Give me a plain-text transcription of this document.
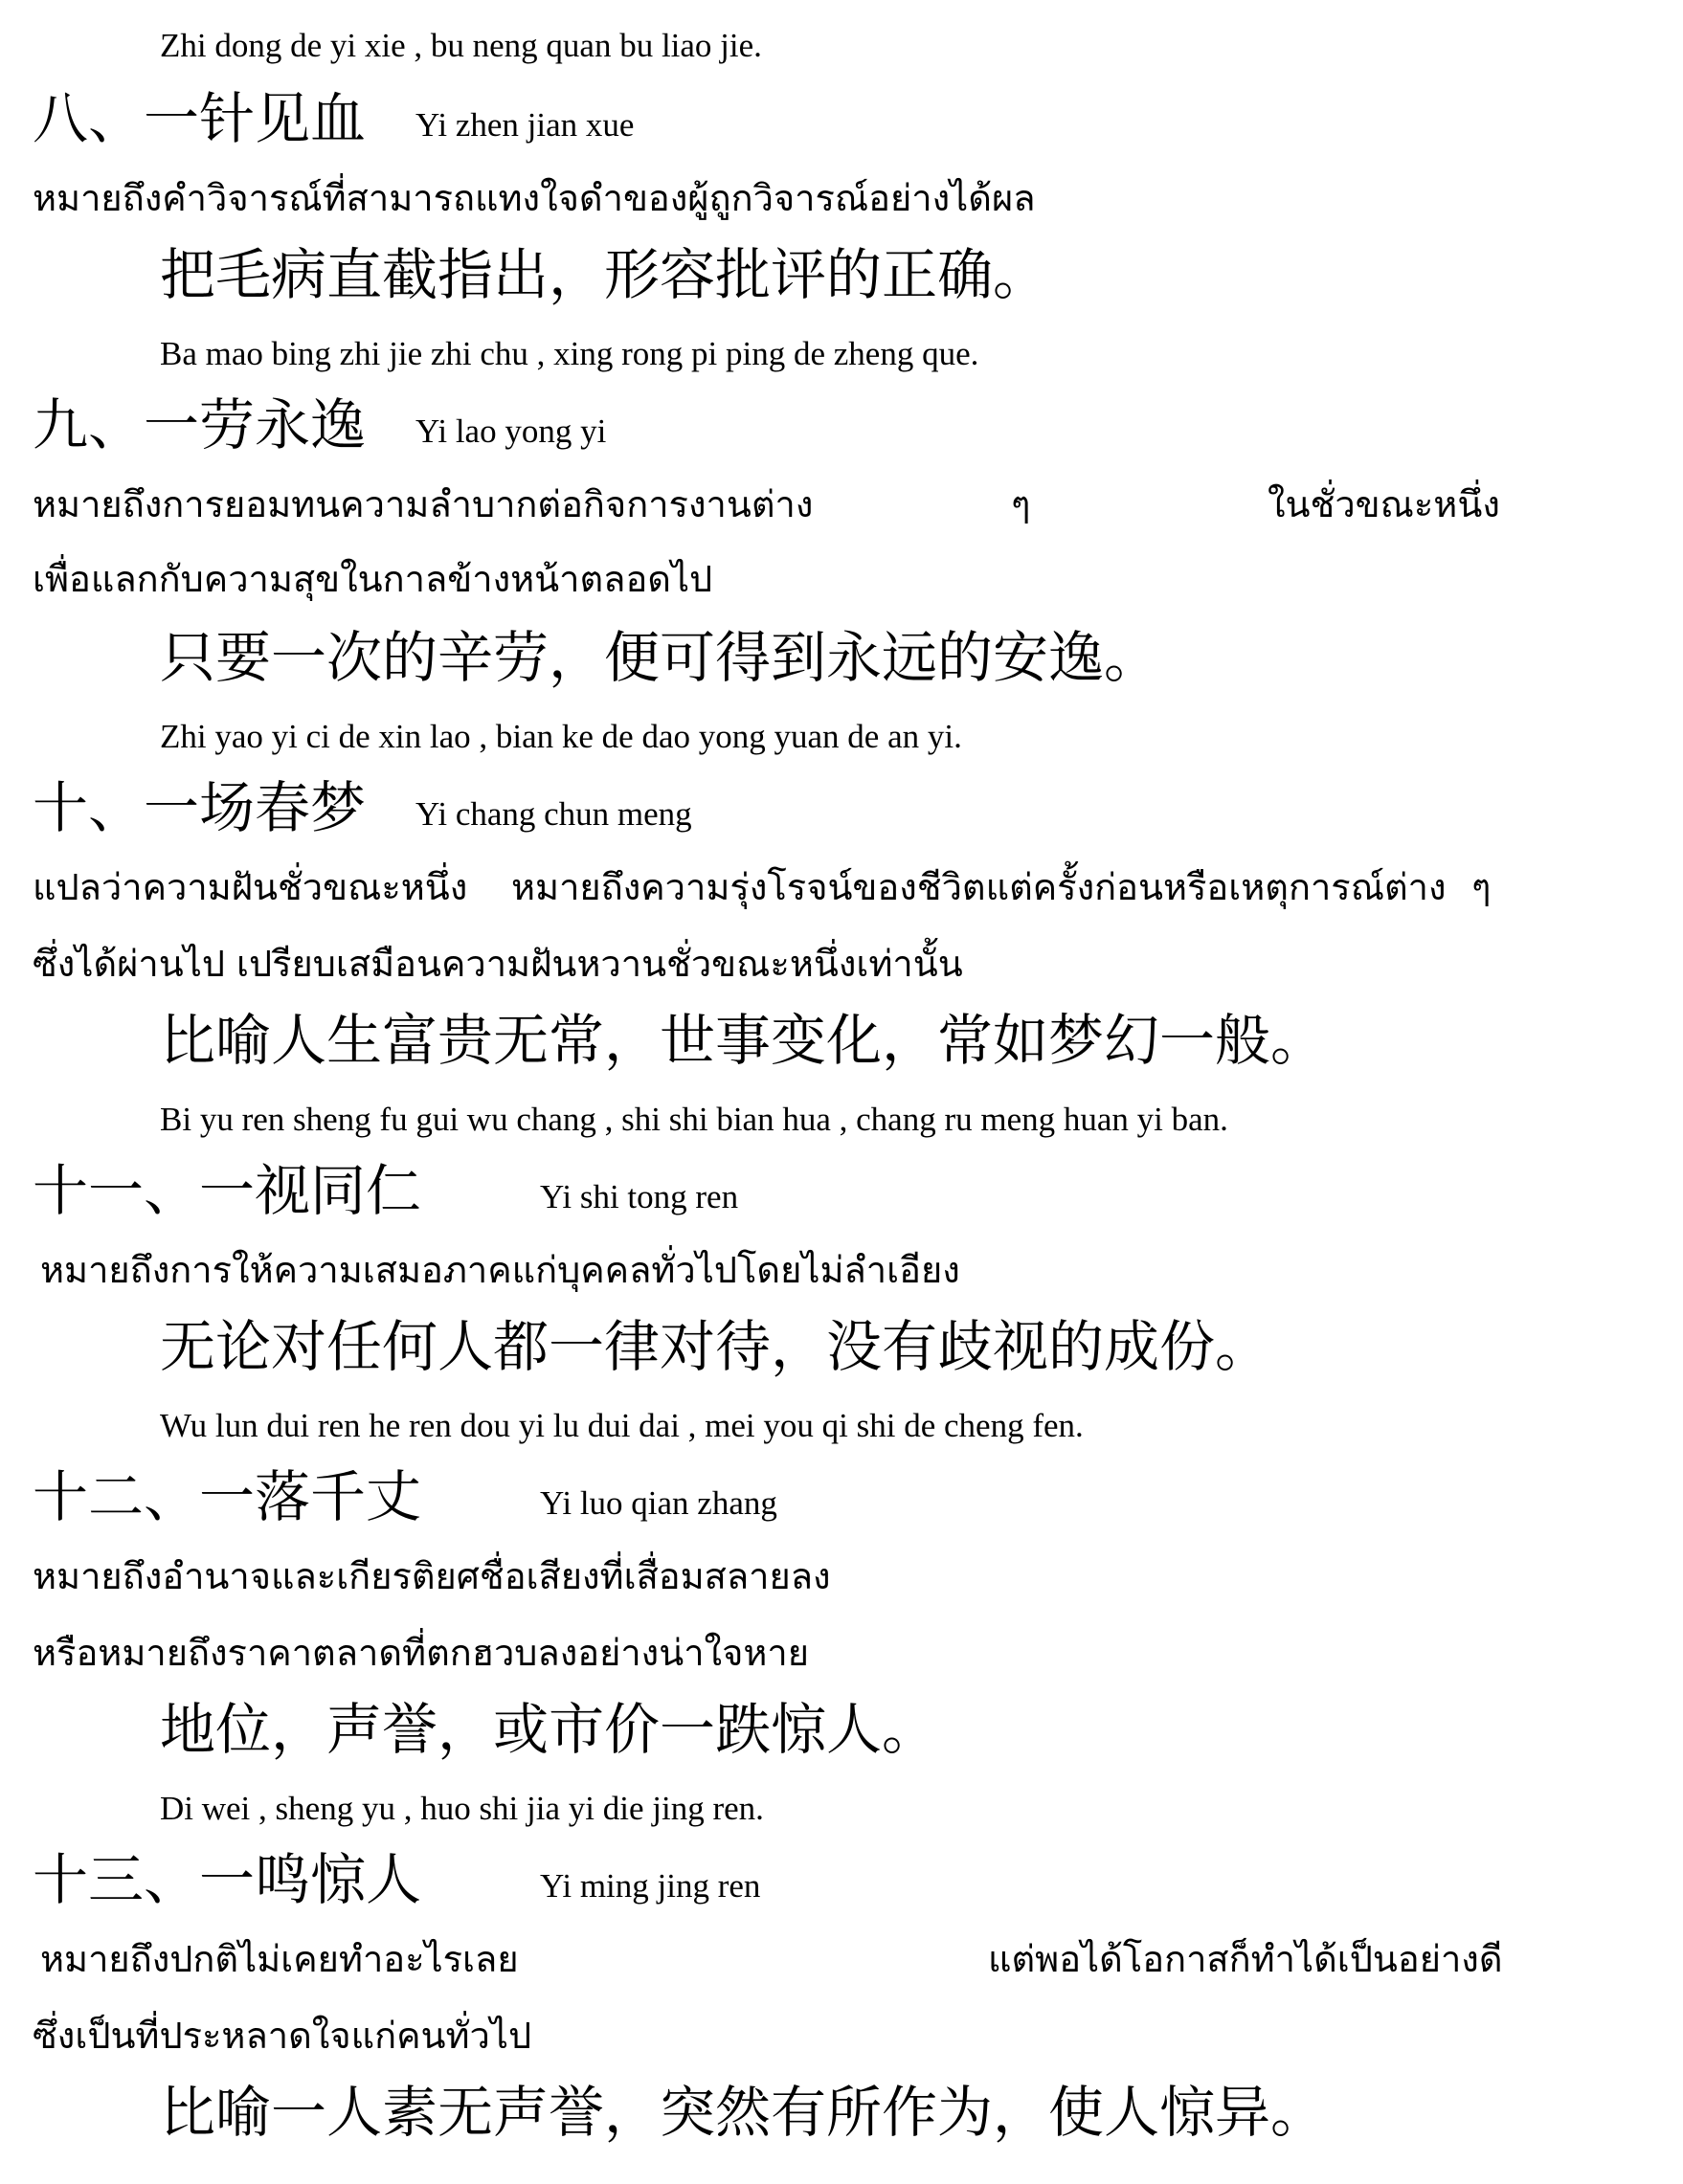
Zhi dong de yi xie , bu neng quan bu liao jie.
八、一针见血 Yi zhen jian xue
หมายถึงคำวิจารณ์ที่สามารถแทงใจดำของผู้ถูกวิจารณ์อย่างได้ผล
把毛病直截指出，形容批评的正确。
Ba mao bing zhi jie zhi chu , xing rong pi ping de zheng que.
九、一劳永逸 Yi lao yong yi
หมายถึงการยอมทนความลำบากต่อกิจการงานต่าง	ๆ	ในชั่วขณะหนึ่ง
เพื่อแลกกับความสุขในกาลข้างหน้าตลอดไป
只要一次的辛劳，便可得到永远的安逸。
Zhi yao yi ci de xin lao , bian ke de dao yong yuan de an yi.
十、一场春梦 Yi chang chun meng
แปลว่าความฝันชั่วขณะหนึ่ง หมายถึงความรุ่งโรจน์ของชีวิตแต่ครั้งก่อนหรือเหตุการณ์ต่าง ๆ
ซึ่งได้ผ่านไป เปรียบเสมือนความฝันหวานชั่วขณะหนึ่งเท่านั้น
比喻人生富贵无常，世事变化，常如梦幻一般。
Bi yu ren sheng fu gui wu chang , shi shi bian hua , chang ru meng huan yi ban.
十一、一视同仁	Yi shi tong ren
หมายถึงการให้ความเสมอภาคแก่บุคคลทั่วไปโดยไม่ลำเอียง
无论对任何人都一律对待，没有歧视的成份。
Wu lun dui ren he ren dou yi lu dui dai , mei you qi shi de cheng fen.
十二、一落千丈	Yi luo qian zhang
หมายถึงอำนาจและเกียรติยศชื่อเสียงที่เสื่อมสลายลง
หรือหมายถึงราคาตลาดที่ตกฮวบลงอย่างน่าใจหาย
地位，声誉，或市价一跌惊人。
Di wei , sheng yu , huo shi jia yi die jing ren.
十三、一鸣惊人	Yi ming jing ren
หมายถึงปกติไม่เคยทำอะไรเลย	แต่พอได้โอกาสก็ทำได้เป็นอย่างดี
ซึ่งเป็นที่ประหลาดใจแก่คนทั่วไป
比喻一人素无声誉，突然有所作为，使人惊异。
